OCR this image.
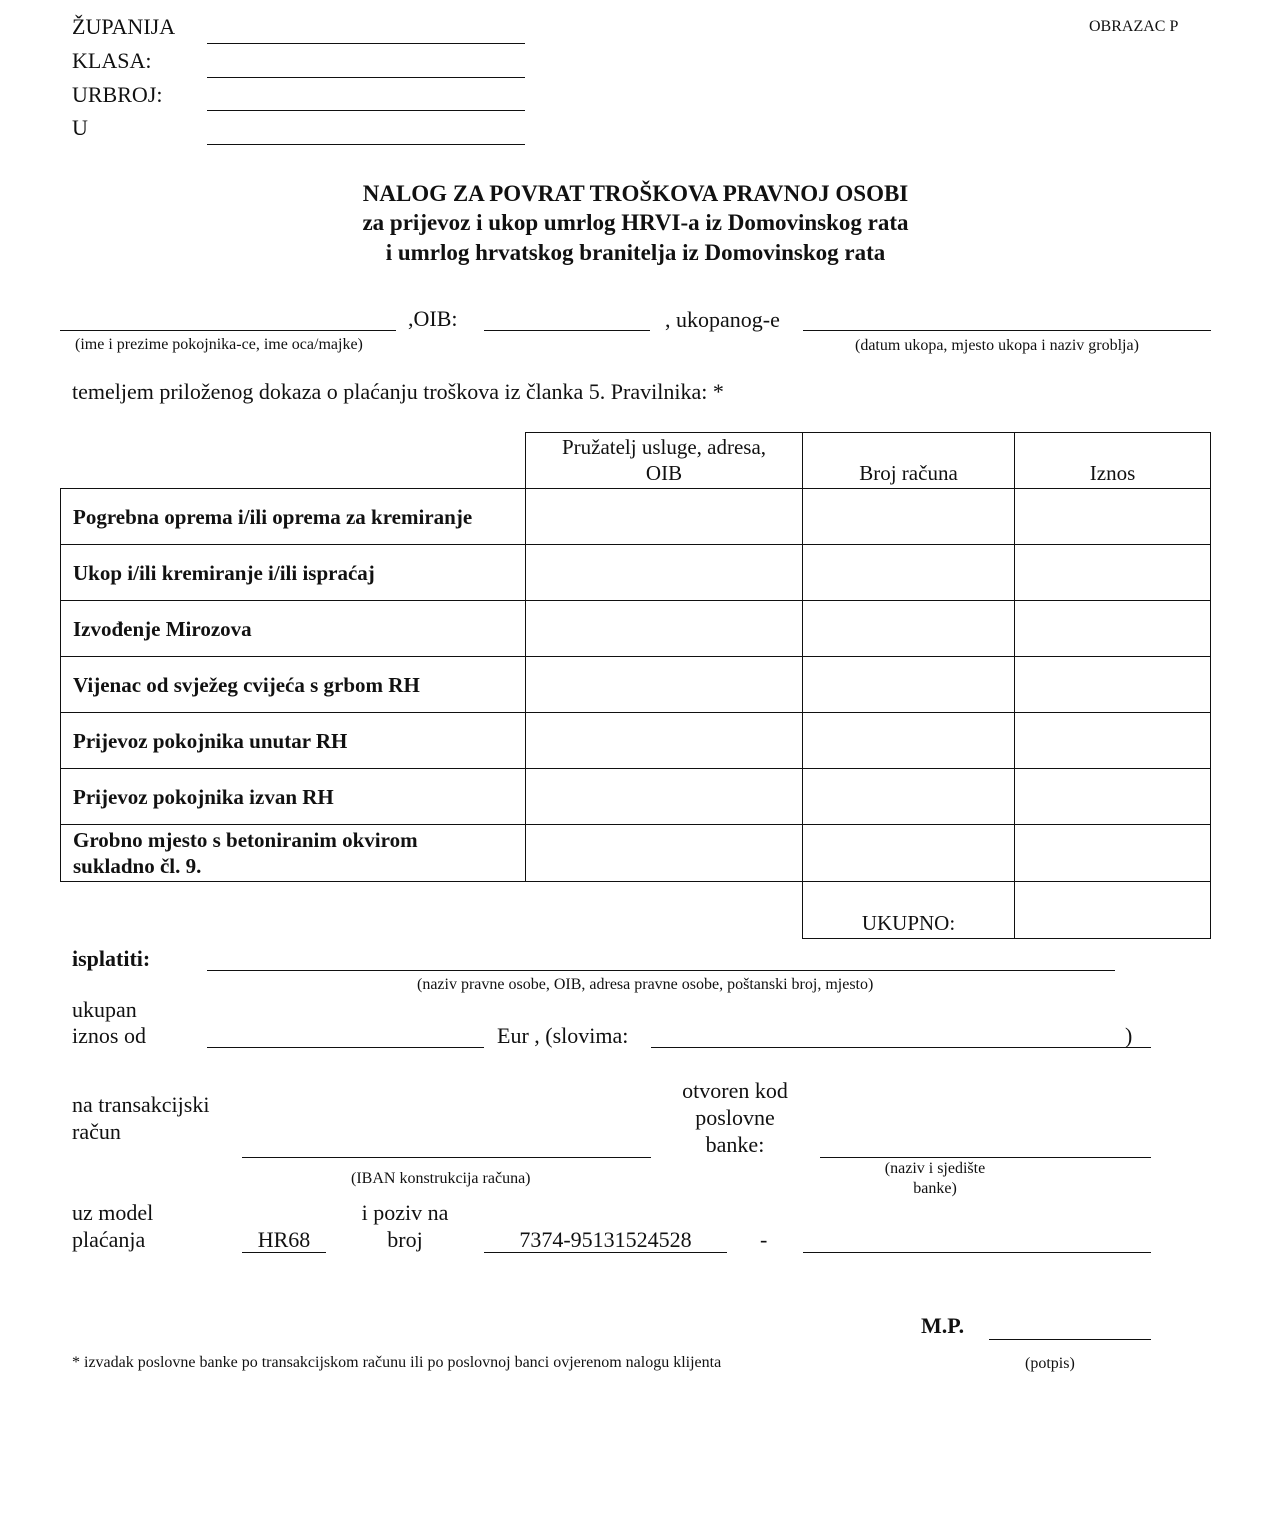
OBRAZAC P
ŽUPANIJA
KLASA:
URBROJ:
U
NALOG ZA POVRAT TROŠKOVA PRAVNOJ OSOBI
za prijevoz i ukop umrlog HRVI-a iz Domovinskog rata
i umrlog hrvatskog branitelja iz Domovinskog rata
,OIB:	, ukopanog-e
(ime i prezime pokojnika-ce, ime oca/majke)	(datum ukopa, mjesto ukopa i naziv groblja)
temeljem priloženog dokaza o plaćanju troškova iz članka 5. Pravilnika: *
Pružatelj usluge, adresa, OIB	Broj računa	Iznos
Pogrebna oprema i/ili oprema za kremiranje
Ukop i/ili kremiranje i/ili ispraćaj
Izvođenje Mirozova
Vijenac od svježeg cvijeća s grbom RH
Prijevoz pokojnika unutar RH
Prijevoz pokojnika izvan RH
Grobno mjesto s betoniranim okvirom sukladno čl. 9.
UKUPNO:
isplatiti:
(naziv pravne osobe, OIB, adresa pravne osobe, poštanski broj, mjesto)
ukupan
iznos od	Eur , (slovima:	)
na transakcijski
račun
(IBAN konstrukcija računa)
otvoren kod
poslovne
banke:
(naziv i sjedište
banke)
uz model
plaćanja	HR68
i poziv na
broj	7374-95131524528	-
M.P.
* izvadak poslovne banke po transakcijskom računu ili po poslovnoj banci ovjerenom nalogu klijenta	(potpis)
